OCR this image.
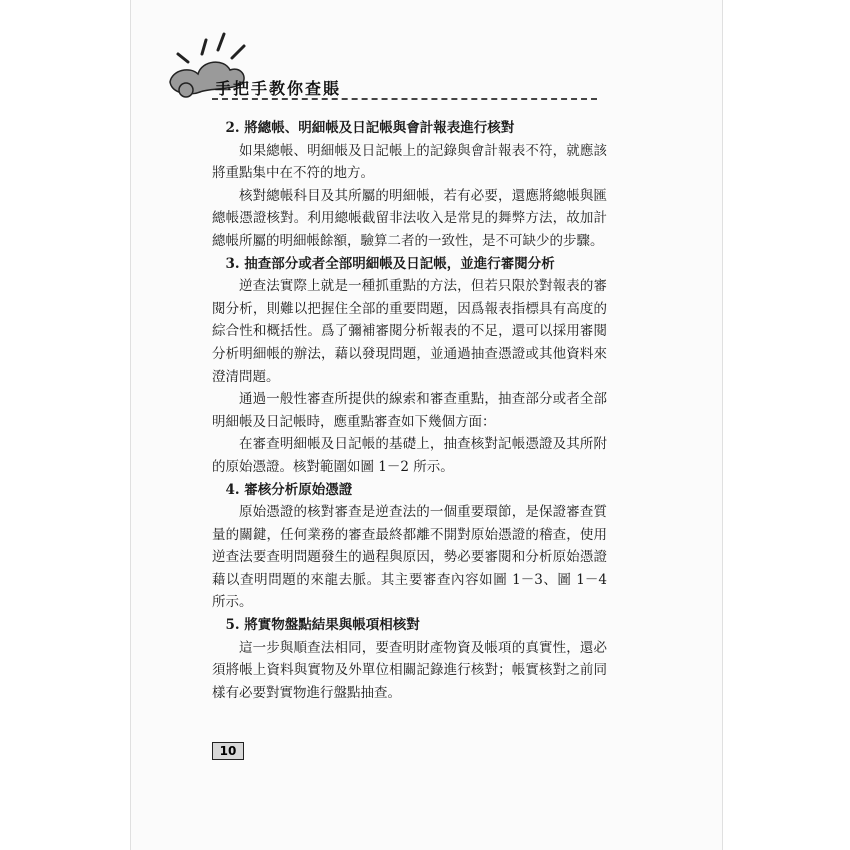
手把手教你查賬

2. 將總帳、明細帳及日記帳與會計報表進行核對

如果總帳、明細帳及日記帳上的記錄與會計報表不符，就應該將重點集中在不符的地方。

核對總帳科目及其所屬的明細帳，若有必要，還應將總帳與匯總帳憑證核對。利用總帳截留非法收入是常見的舞弊方法，故加計總帳所屬的明細帳餘額，驗算二者的一致性，是不可缺少的步驟。

3. 抽查部分或者全部明細帳及日記帳，並進行審閱分析

逆查法實際上就是一種抓重點的方法，但若只限於對報表的審閱分析，則難以把握住全部的重要問題，因爲報表指標具有高度的綜合性和概括性。爲了彌補審閱分析報表的不足，還可以採用審閱分析明細帳的辦法，藉以發現問題，並通過抽查憑證或其他資料來澄清問題。

通過一般性審查所提供的線索和審查重點，抽查部分或者全部明細帳及日記帳時，應重點審查如下幾個方面：

在審查明細帳及日記帳的基礎上，抽查核對記帳憑證及其所附的原始憑證。核對範圍如圖 1－2 所示。

4. 審核分析原始憑證

原始憑證的核對審查是逆查法的一個重要環節，是保證審查質量的關鍵，任何業務的審查最終都離不開對原始憑證的稽查，使用逆查法要查明問題發生的過程與原因，勢必要審閱和分析原始憑證藉以查明問題的來龍去脈。其主要審查內容如圖 1－3、圖 1－4 所示。

5. 將實物盤點結果與帳項相核對

這一步與順查法相同，要查明財產物資及帳項的真實性，還必須將帳上資料與實物及外單位相關記錄進行核對；帳實核對之前同樣有必要對實物進行盤點抽查。

10
